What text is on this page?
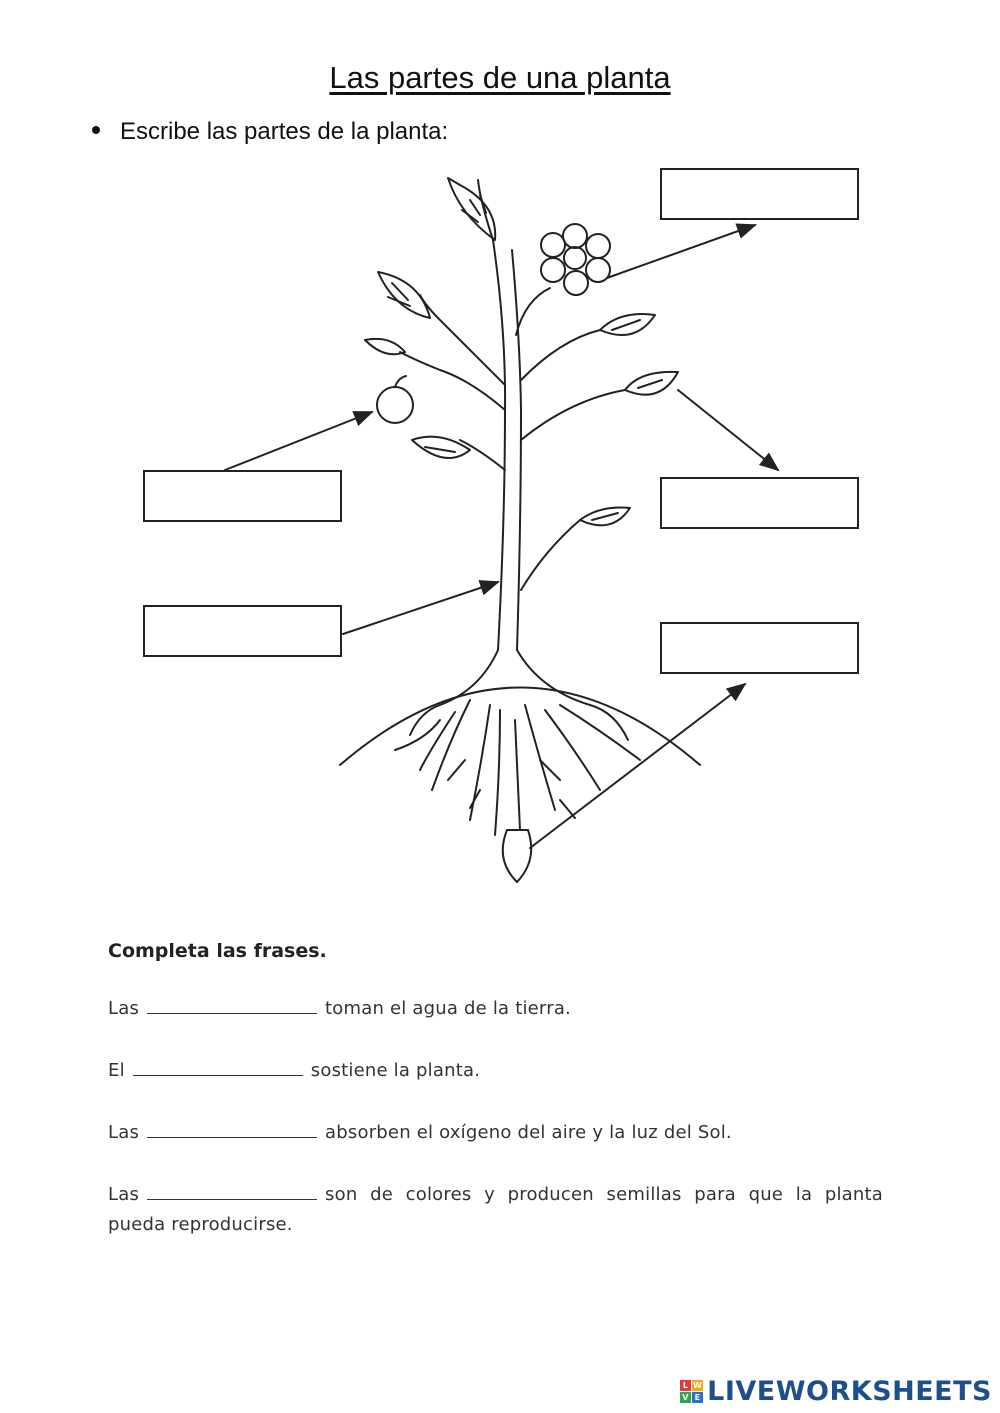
Las partes de una planta
Escribe las partes de la planta:
Completa las frases.
Las	toman el agua de la tierra.
El	sostiene la planta.
Las	absorben el oxígeno del aire y la luz del Sol.
Las	son de colores y producen semillas para que la planta pueda reproducirse.
L W
V E LIVEWORKSHEETS
